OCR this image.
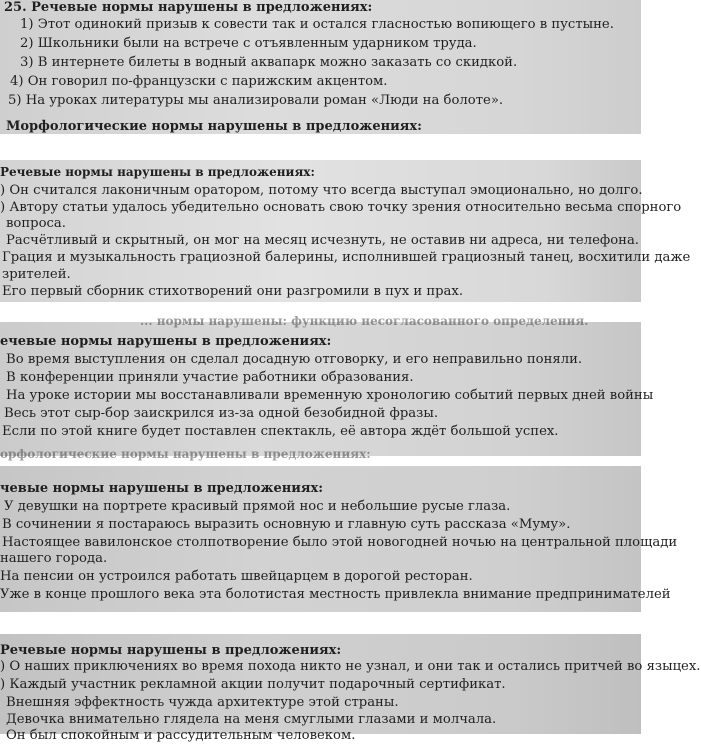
25. Речевые нормы нарушены в предложениях:
1) Этот одинокий призыв к совести так и остался гласностью вопиющего в пустыне.
2) Школьники были на встрече с отъявленным ударником труда.
3) В интернете билеты в водный аквапарк можно заказать со скидкой.
4) Он говорил по-французски с парижским акцентом.
5) На уроках литературы мы анализировали роман «Люди на болоте».
Морфологические нормы нарушены в предложениях:
Речевые нормы нарушены в предложениях:
) Он считался лаконичным оратором, потому что всегда выступал эмоционально, но долго.
) Автору статьи удалось убедительно основать свою точку зрения относительно весьма спорного
вопроса.
Расчётливый и скрытный, он мог на месяц исчезнуть, не оставив ни адреса, ни телефона.
Грация и музыкальность грациозной балерины, исполнившей грациозный танец, восхитили даже
зрителей.
Его первый сборник стихотворений они разгромили в пух и прах.
... нормы нарушены: функцию несогласованного определения.
ечевые нормы нарушены в предложениях:
Во время выступления он сделал досадную отговорку, и его неправильно поняли.
В конференции приняли участие работники образования.
На уроке истории мы восстанавливали временную хронологию событий первых дней войны
Весь этот сыр-бор заискрился из-за одной безобидной фразы.
Если по этой книге будет поставлен спектакль, её автора ждёт большой успех.
орфологические нормы нарушены в предложениях:
чевые нормы нарушены в предложениях:
У девушки на портрете красивый прямой нос и небольшие русые глаза.
В сочинении я постараюсь выразить основную и главную суть рассказа «Муму».
Настоящее вавилонское столпотворение было этой новогодней ночью на центральной площади
нашего города.
На пенсии он устроился работать швейцарцем в дорогой ресторан.
Уже в конце прошлого века эта болотистая местность привлекла внимание предпринимателей
Речевые нормы нарушены в предложениях:
) О наших приключениях во время похода никто не узнал, и они так и остались притчей во языцех.
) Каждый участник рекламной акции получит подарочный сертификат.
Внешняя эффектность чужда архитектуре этой страны.
Девочка внимательно глядела на меня смуглыми глазами и молчала.
Он был спокойным и рассудительным человеком.
